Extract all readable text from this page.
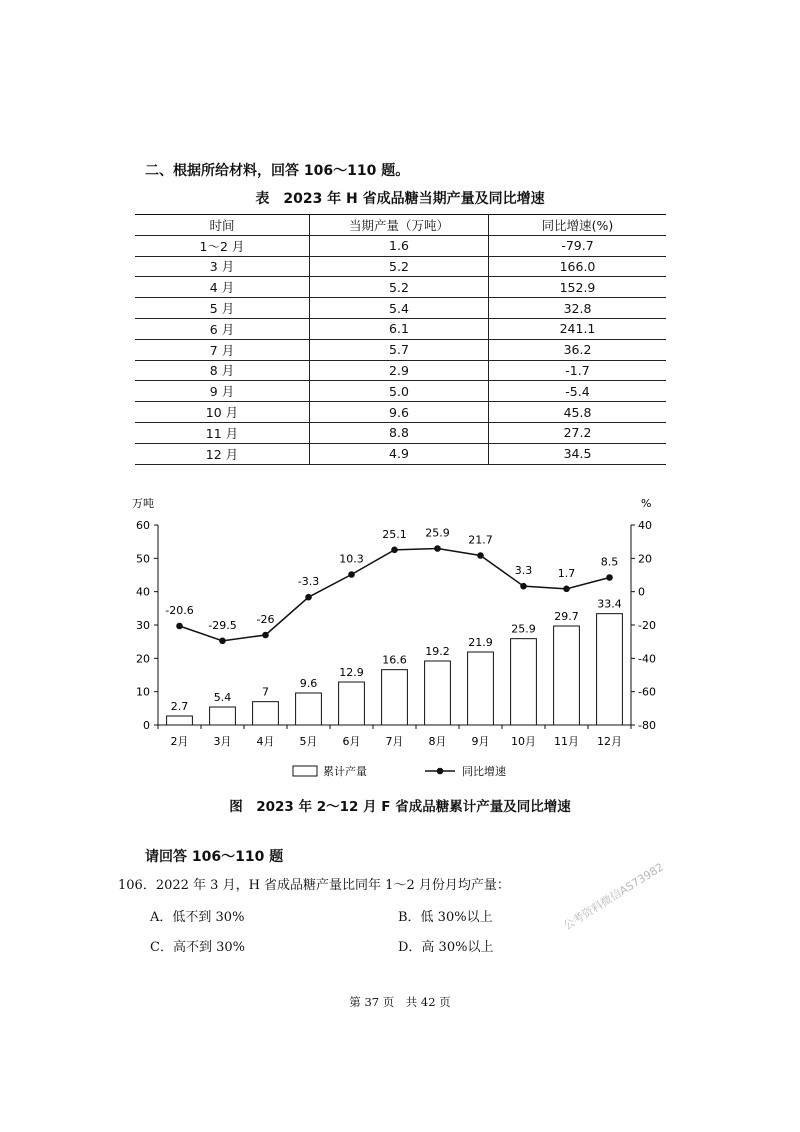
二、根据所给材料，回答 106～110 题。
表　2023 年 H 省成品糖当期产量及同比增速
时间	当期产量（万吨）	同比增速(%)
1～2 月	1.6	-79.7
3 月	5.2	166.0
4 月	5.2	152.9
5 月	5.4	32.8
6 月	6.1	241.1
7 月	5.7	36.2
8 月	2.9	-1.7
9 月	5.0	-5.4
10 月	9.6	45.8
11 月	8.8	27.2
12 月	4.9	34.5
0
10
20
30
40
50
60
-80
-60
-40
-20
0
20
40
万吨	%
2月 3月 4月 5月 6月 7月 8月 9月 10月 11月 12月
2.7
5.4	7
9.6
12.9
16.6
19.2
21.9
25.9
29.7
33.4
-20.6
-29.5 -26
-3.3
10.3
25.1 25.9
21.7
3.3 1.7
8.5
累计产量	同比增速
图　2023 年 2～12 月 F 省成品糖累计产量及同比增速
请回答 106～110 题
106．2022 年 3 月，H 省成品糖产量比同年 1～2 月份月均产量：
A．低不到 30%	B．低 30%以上
C．高不到 30%	D．高 30%以上
第 37 页　共 42 页
公考资料微信AS73982
